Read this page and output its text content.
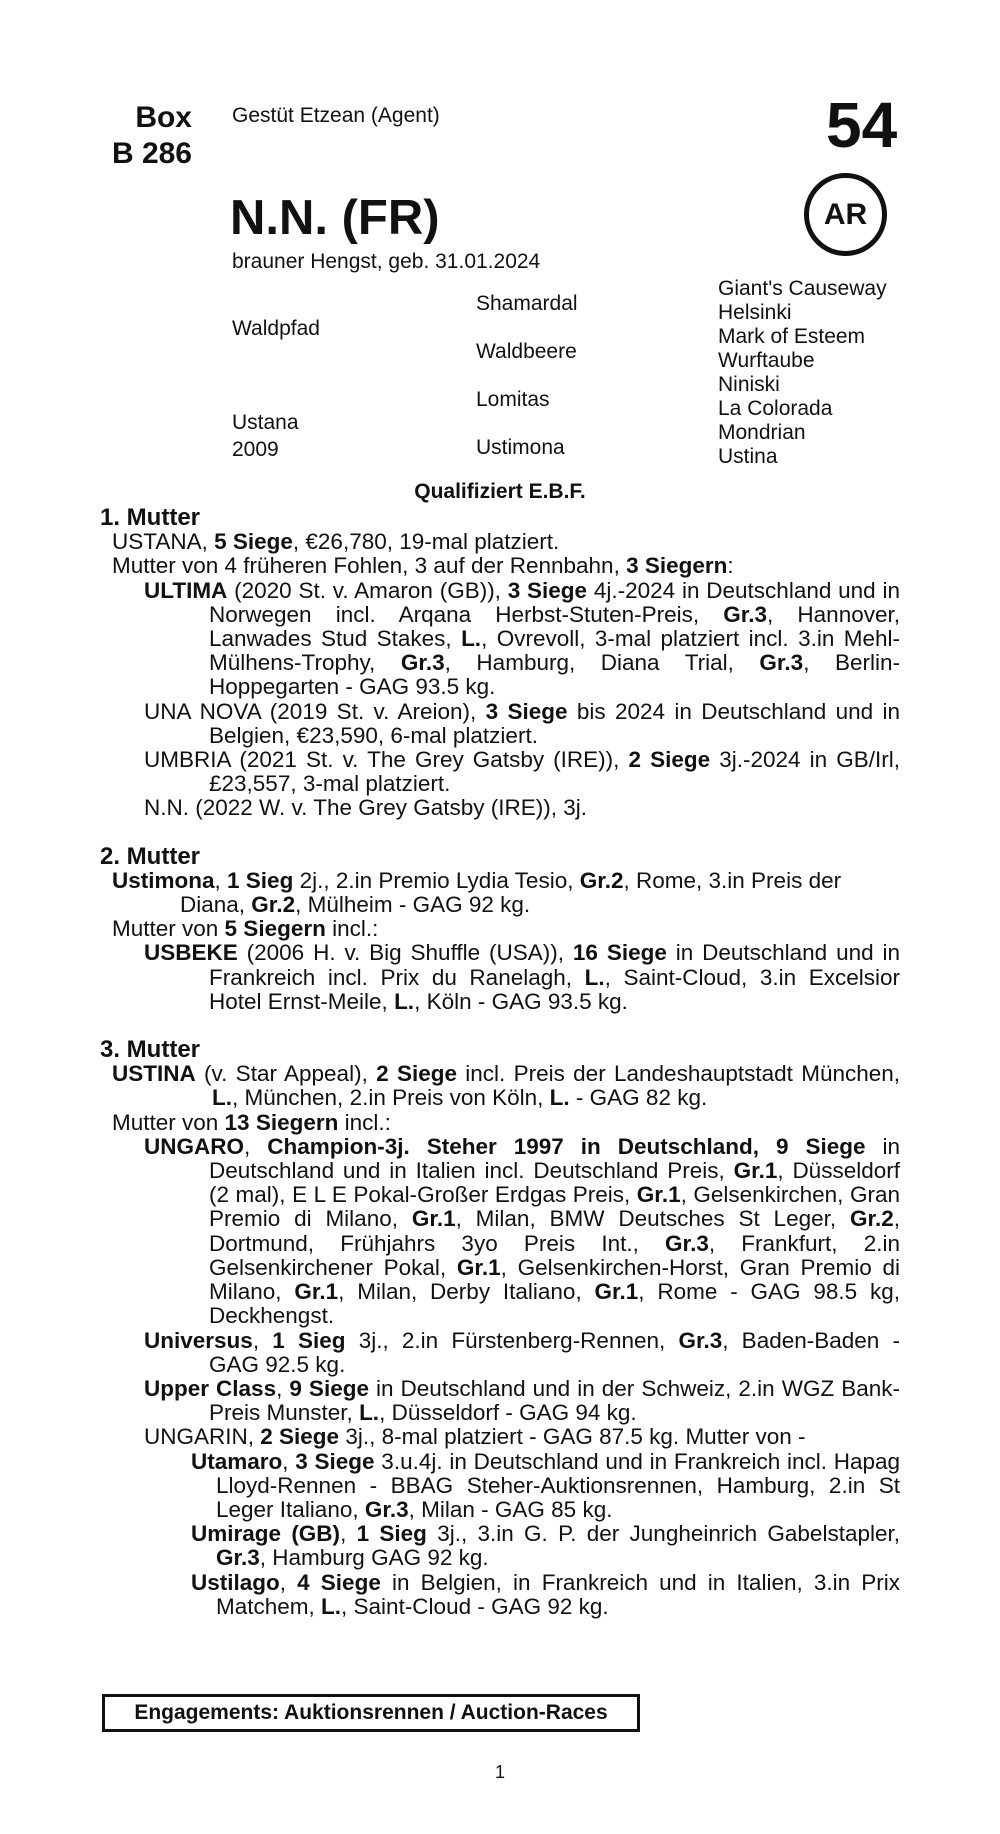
Box
B 286
Gestüt Etzean (Agent)	54
AR
N.N. (FR)
brauner Hengst, geb. 31.01.2024
Waldpfad
Ustana
2009
Shamardal
Waldbeere
Lomitas
Ustimona
Giant's Causeway
Helsinki
Mark of Esteem
Wurftaube
Niniski
La Colorada
Mondrian
Ustina
Qualifiziert E.B.F.

1. Mutter

USTANA, 5 Siege, €26,780, 19-mal platziert.

Mutter von 4 früheren Fohlen, 3 auf der Rennbahn, 3 Siegern:

ULTIMA (2020 St. v. Amaron (GB)), 3 Siege 4j.-2024 in Deutschland und in Norwegen incl. Arqana Herbst-Stuten-Preis, Gr.3, Hannover, Lanwades Stud Stakes, L., Ovrevoll, 3-mal platziert incl. 3.in Mehl-Mülhens-Trophy, Gr.3, Hamburg, Diana Trial, Gr.3, Berlin-Hoppegarten - GAG 93.5 kg.

UNA NOVA (2019 St. v. Areion), 3 Siege bis 2024 in Deutschland und in Belgien, €23,590, 6-mal platziert.

UMBRIA (2021 St. v. The Grey Gatsby (IRE)), 2 Siege 3j.-2024 in GB/Irl, £23,557, 3-mal platziert.

N.N. (2022 W. v. The Grey Gatsby (IRE)), 3j.

2. Mutter

Ustimona, 1 Sieg 2j., 2.in Premio Lydia Tesio, Gr.2, Rome, 3.in Preis der Diana, Gr.2, Mülheim - GAG 92 kg.

Mutter von 5 Siegern incl.:

USBEKE (2006 H. v. Big Shuffle (USA)), 16 Siege in Deutschland und in Frankreich incl. Prix du Ranelagh, L., Saint-Cloud, 3.in Excelsior Hotel Ernst-Meile, L., Köln - GAG 93.5 kg.

3. Mutter

USTINA (v. Star Appeal), 2 Siege incl. Preis der Landeshauptstadt München, L., München, 2.in Preis von Köln, L. - GAG 82 kg.

Mutter von 13 Siegern incl.:

UNGARO, Champion-3j. Steher 1997 in Deutschland, 9 Siege in Deutschland und in Italien incl. Deutschland Preis, Gr.1, Düsseldorf (2 mal), E L E Pokal-Großer Erdgas Preis, Gr.1, Gelsenkirchen, Gran Premio di Milano, Gr.1, Milan, BMW Deutsches St Leger, Gr.2, Dortmund, Frühjahrs 3yo Preis Int., Gr.3, Frankfurt, 2.in Gelsenkirchener Pokal, Gr.1, Gelsenkirchen-Horst, Gran Premio di Milano, Gr.1, Milan, Derby Italiano, Gr.1, Rome - GAG 98.5 kg, Deckhengst.

Universus, 1 Sieg 3j., 2.in Fürstenberg-Rennen, Gr.3, Baden-Baden - GAG 92.5 kg.

Upper Class, 9 Siege in Deutschland und in der Schweiz, 2.in WGZ Bank-Preis Munster, L., Düsseldorf - GAG 94 kg.

UNGARIN, 2 Siege 3j., 8-mal platziert - GAG 87.5 kg. Mutter von -

Utamaro, 3 Siege 3.u.4j. in Deutschland und in Frankreich incl. Hapag Lloyd-Rennen - BBAG Steher-Auktionsrennen, Hamburg, 2.in St Leger Italiano, Gr.3, Milan - GAG 85 kg.

Umirage (GB), 1 Sieg 3j., 3.in G. P. der Jungheinrich Gabelstapler, Gr.3, Hamburg GAG 92 kg.

Ustilago, 4 Siege in Belgien, in Frankreich und in Italien, 3.in Prix Matchem, L., Saint-Cloud - GAG 92 kg.

Engagements: Auktionsrennen / Auction-Races
1
